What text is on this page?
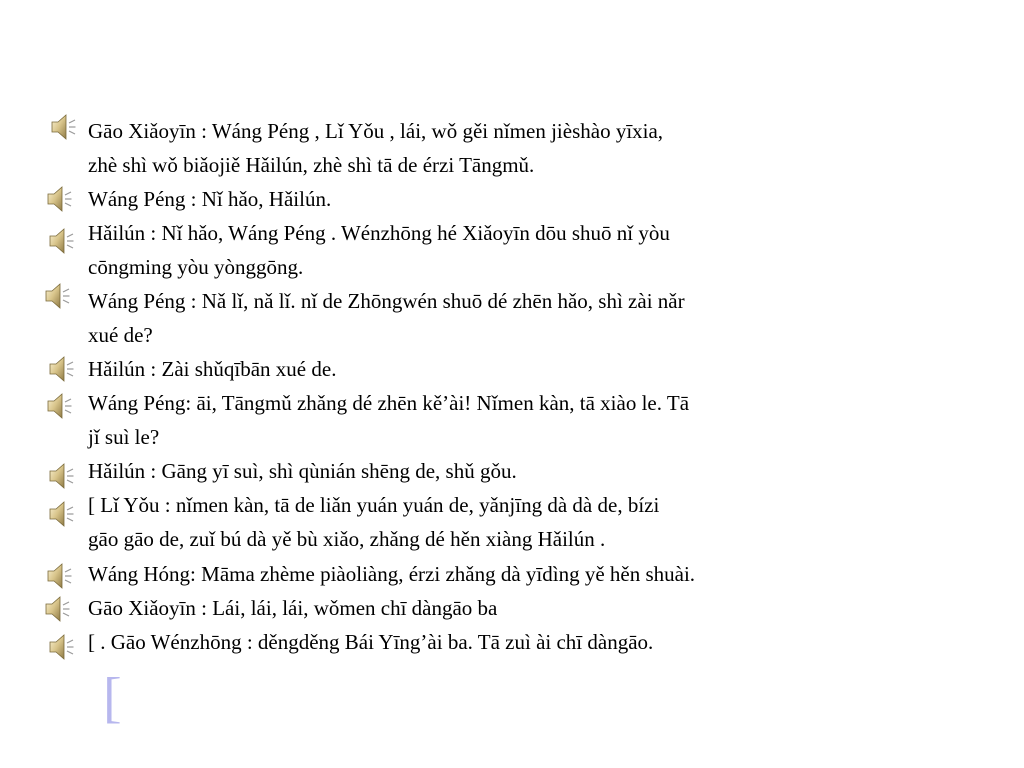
Gāo Xiǎoyīn : Wáng Péng , Lǐ Yǒu , lái, wǒ gěi nǐmen jièshào yīxia,
zhè shì wǒ biǎojiě Hǎilún, zhè shì tā de érzi Tāngmǔ.
Wáng Péng : Nǐ hǎo, Hǎilún.
Hǎilún : Nǐ hǎo, Wáng Péng . Wénzhōng hé Xiǎoyīn dōu shuō nǐ yòu
cōngming yòu yònggōng.
Wáng Péng : Nǎ lǐ, nǎ lǐ. nǐ de Zhōngwén shuō dé zhēn hǎo, shì zài nǎr
xué de?
Hǎilún : Zài shǔqībān xué de.
Wáng Péng: āi, Tāngmǔ zhǎng dé zhēn kě’ài! Nǐmen kàn, tā xiào le. Tā
jǐ suì le?
Hǎilún : Gāng yī suì, shì qùnián shēng de, shǔ gǒu.
[ Lǐ Yǒu : nǐmen kàn, tā de liǎn yuán yuán de, yǎnjīng dà dà de, bízi
gāo gāo de, zuǐ bú dà yě bù xiǎo, zhǎng dé hěn xiàng Hǎilún .
Wáng Hóng: Māma zhème piàoliàng, érzi zhǎng dà yīdìng yě hěn shuài.
Gāo Xiǎoyīn : Lái, lái, lái, wǒmen chī dàngāo ba
[ . Gāo Wénzhōng : děngděng Bái Yīng’ài ba. Tā zuì ài chī dàngāo.
[
